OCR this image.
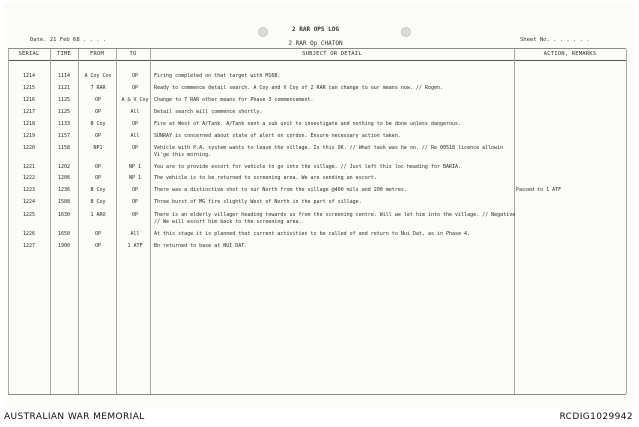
2 RAR OPS LOG
2 RAR Op CHATON
Date. 21 Feb 68 . . . .	Sheet No. . . . . . .
SERIAL	TIME	FROM	TO	SUBJECT OR DETAIL	ACTION, REMARKS
1214	1114	A Coy Cov	OP	Firing completed on that target with M16B.
1215	1121	7 RAR	OP	Ready to commence detail search. A Coy and V Coy of 2 RAR can change to our means now. // Rogen.
1216	1125	OP	A & V Coy	Change to 7 RAR other means for Phase 3 commencement.
1217	1125	OP	All	Detail search will commence shortly.
1218	1133	B Coy	OP	Fire at West of A/Tank. A/Tank sent a sub unit to investigate and nothing to be done unless dangerous.
1219	1157	OP	All	SUNRAY is concerned about state of alert on cordon. Ensure necessary action taken.
1220	1158	NP1	OP	Vehicle with P.A. system wants to leave the village. Is this OK. // What task was he on. // Re 00518 licence allowin
Vi'ge this morning.
1221	1202	OP	NP 1	You are to provide escort for vehicle to go into the village. // Just left this loc heading for BARIA.
1222	1206	OP	NP 1	The vehicle is to be returned to screening area. We are sending an escort.
1223	1236	B Coy	OP	There was a distinctive shot to our North from the village @400 mils and 200 metres.	Passed to 1 ATF
1224	1508	B Coy	OP	Three burst of MG fire slightly West of North in the part of village.
1225	1630	1 ARU	OP	There is an elderly villager heading towards us from the screening centre. Will we let him into the village. // Negative
// We will escort him back to the screening area.
1226	1650	OP	All	At this stage it is planned that current activities to be called of and return to Nui Dat, as in Phase 4.
1227	1900	OP	1 ATF	Bn returned to base at NUI DAT.
AUSTRALIAN WAR MEMORIAL	RCDIG1029942
